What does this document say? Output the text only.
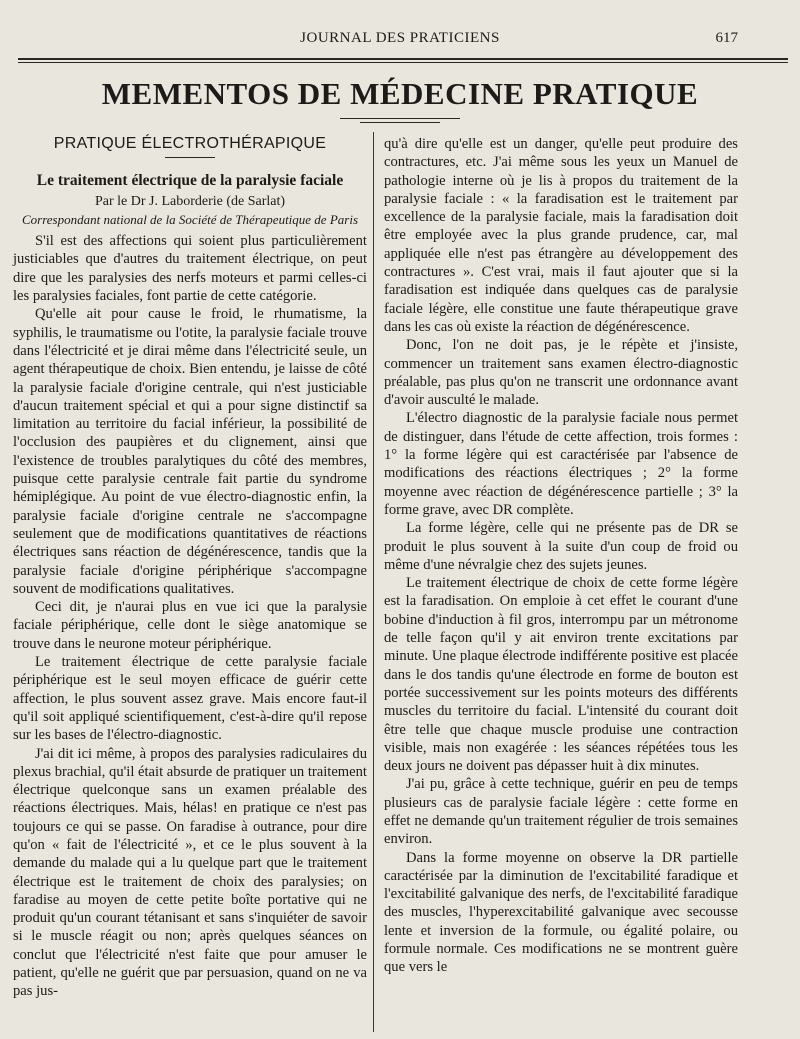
JOURNAL DES PRATICIENS	617
MEMENTOS DE MÉDECINE PRATIQUE
PRATIQUE ÉLECTROTHÉRAPIQUE
Le traitement électrique de la paralysie faciale
Par le Dr J. Laborderie (de Sarlat)
Correspondant national de la Société de Thérapeutique de Paris

S'il est des affections qui soient plus particulièrement justiciables que d'autres du traitement électrique, on peut dire que les paralysies des nerfs moteurs et parmi celles-ci les paralysies faciales, font partie de cette catégorie.

Qu'elle ait pour cause le froid, le rhumatisme, la syphilis, le traumatisme ou l'otite, la paralysie faciale trouve dans l'électricité et je dirai même dans l'électricité seule, un agent thérapeutique de choix. Bien entendu, je laisse de côté la paralysie faciale d'origine centrale, qui n'est justiciable d'aucun traitement spécial et qui a pour signe distinctif sa limitation au territoire du facial inférieur, la possibilité de l'occlusion des paupières et du clignement, ainsi que l'existence de troubles paralytiques du côté des membres, puisque cette paralysie centrale fait partie du syndrome hémiplégique. Au point de vue électro-diagnostic enfin, la paralysie faciale d'origine centrale ne s'accompagne seulement que de modifications quantitatives de réactions électriques sans réaction de dégénérescence, tandis que la paralysie faciale d'origine périphérique s'accompagne souvent de modifications qualitatives.

Ceci dit, je n'aurai plus en vue ici que la paralysie faciale périphérique, celle dont le siège anatomique se trouve dans le neurone moteur périphérique.

Le traitement électrique de cette paralysie faciale périphérique est le seul moyen efficace de guérir cette affection, le plus souvent assez grave. Mais encore faut-il qu'il soit appliqué scientifiquement, c'est-à-dire qu'il repose sur les bases de l'électro-diagnostic.

J'ai dit ici même, à propos des paralysies radiculaires du plexus brachial, qu'il était absurde de pratiquer un traitement électrique quelconque sans un examen préalable des réactions électriques. Mais, hélas! en pratique ce n'est pas toujours ce qui se passe. On faradise à outrance, pour dire qu'on « fait de l'électricité », et ce le plus souvent à la demande du malade qui a lu quelque part que le traitement électrique est le traitement de choix des paralysies; on faradise au moyen de cette petite boîte portative qui ne produit qu'un courant tétanisant et sans s'inquiéter de savoir si le muscle réagit ou non; après quelques séances on conclut que l'électricité n'est faite que pour amuser le patient, qu'elle ne guérit que par persuasion, quand on ne va pas jus-

qu'à dire qu'elle est un danger, qu'elle peut produire des contractures, etc. J'ai même sous les yeux un Manuel de pathologie interne où je lis à propos du traitement de la paralysie faciale : « la faradisation est le traitement par excellence de la paralysie faciale, mais la faradisation doit être employée avec la plus grande prudence, car, mal appliquée elle n'est pas étrangère au développement des contractures ». C'est vrai, mais il faut ajouter que si la faradisation est indiquée dans quelques cas de paralysie faciale légère, elle constitue une faute thérapeutique grave dans les cas où existe la réaction de dégénérescence.

Donc, l'on ne doit pas, je le répète et j'insiste, commencer un traitement sans examen électro-diagnostic préalable, pas plus qu'on ne transcrit une ordonnance avant d'avoir ausculté le malade.

L'électro diagnostic de la paralysie faciale nous permet de distinguer, dans l'étude de cette affection, trois formes : 1° la forme légère qui est caractérisée par l'absence de modifications des réactions électriques ; 2° la forme moyenne avec réaction de dégénérescence partielle ; 3° la forme grave, avec DR complète.

La forme légère, celle qui ne présente pas de DR se produit le plus souvent à la suite d'un coup de froid ou même d'une névralgie chez des sujets jeunes.

Le traitement électrique de choix de cette forme légère est la faradisation. On emploie à cet effet le courant d'une bobine d'induction à fil gros, interrompu par un métronome de telle façon qu'il y ait environ trente excitations par minute. Une plaque électrode indifférente positive est placée dans le dos tandis qu'une électrode en forme de bouton est portée successivement sur les points moteurs des différents muscles du territoire du facial. L'intensité du courant doit être telle que chaque muscle produise une contraction visible, mais non exagérée : les séances répétées tous les deux jours ne doivent pas dépasser huit à dix minutes.

J'ai pu, grâce à cette technique, guérir en peu de temps plusieurs cas de paralysie faciale légère : cette forme en effet ne demande qu'un traitement régulier de trois semaines environ.

Dans la forme moyenne on observe la DR partielle caractérisée par la diminution de l'excitabilité faradique et l'excitabilité galvanique des nerfs, de l'excitabilité faradique des muscles, l'hyperexcitabilité galvanique avec secousse lente et inversion de la formule, ou égalité polaire, ou formule normale. Ces modifications ne se montrent guère que vers le
